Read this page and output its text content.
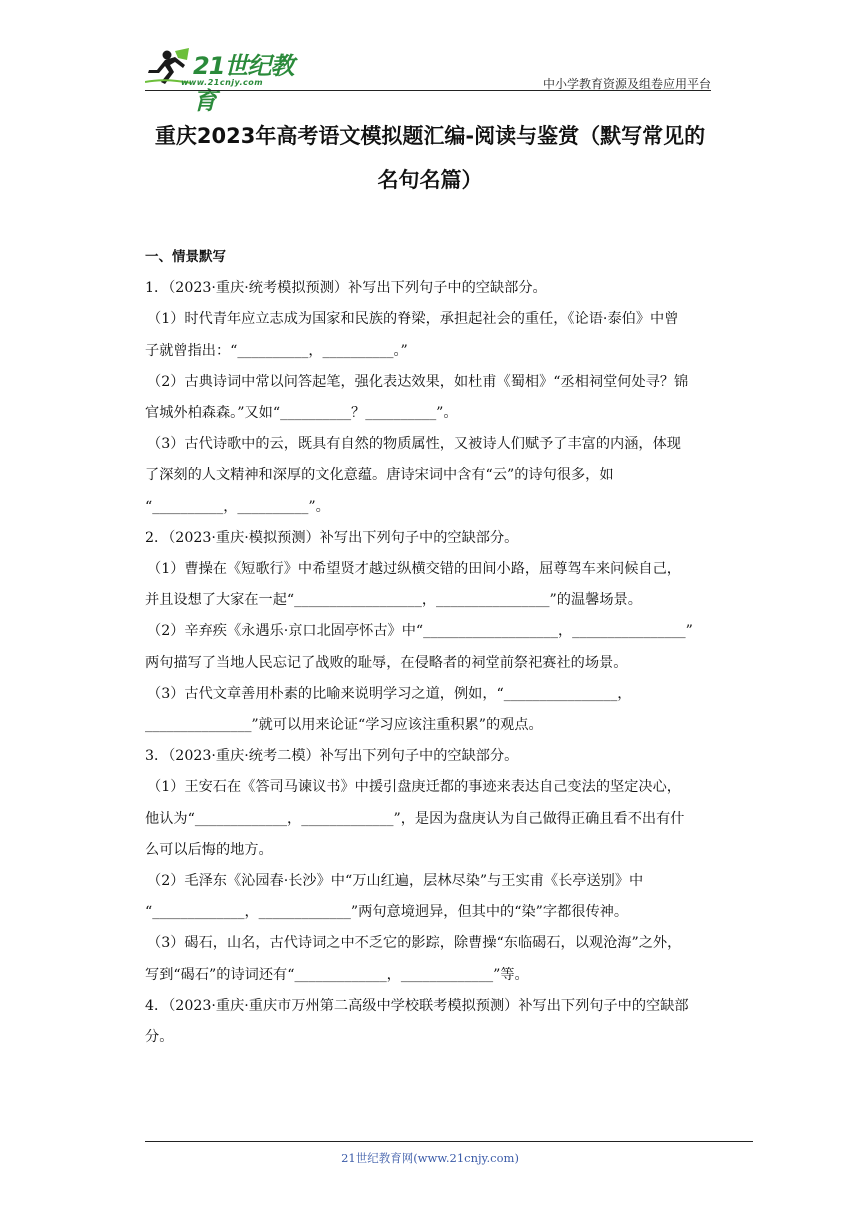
21世纪教育
www.21cnjy.com	中小学教育资源及组卷应用平台
重庆2023年高考语文模拟题汇编-阅读与鉴赏（默写常见的
名句名篇）

一、情景默写

1．（2023·重庆·统考模拟预测）补写出下列句子中的空缺部分。

（1）时代青年应立志成为国家和民族的脊梁，承担起社会的重任，《论语·泰伯》中曾

子就曾指出：“__________，__________。”

（2）古典诗词中常以问答起笔，强化表达效果，如杜甫《蜀相》“丞相祠堂何处寻？锦

官城外柏森森。”又如“__________？__________”。

（3）古代诗歌中的云，既具有自然的物质属性，又被诗人们赋予了丰富的内涵，体现

了深刻的人文精神和深厚的文化意蕴。唐诗宋词中含有“云”的诗句很多，如

“__________，__________”。

2．（2023·重庆·模拟预测）补写出下列句子中的空缺部分。

（1）曹操在《短歌行》中希望贤才越过纵横交错的田间小路，屈尊驾车来问候自己，

并且设想了大家在一起“__________________，________________”的温馨场景。

（2）辛弃疾《永遇乐·京口北固亭怀古》中“___________________，________________”

两句描写了当地人民忘记了战败的耻辱，在侵略者的祠堂前祭祀赛社的场景。

（3）古代文章善用朴素的比喻来说明学习之道，例如，“________________，

_______________”就可以用来论证“学习应该注重积累”的观点。

3．（2023·重庆·统考二模）补写出下列句子中的空缺部分。

（1）王安石在《答司马谏议书》中援引盘庚迁都的事迹来表达自己变法的坚定决心，

他认为“_____________，_____________”，是因为盘庚认为自己做得正确且看不出有什

么可以后悔的地方。

（2）毛泽东《沁园春·长沙》中“万山红遍，层林尽染”与王实甫《长亭送别》中

“_____________，_____________”两句意境迥异，但其中的“染”字都很传神。

（3）碣石，山名，古代诗词之中不乏它的影踪，除曹操“东临碣石，以观沧海”之外，

写到“碣石”的诗词还有“_____________，_____________”等。

4．（2023·重庆·重庆市万州第二高级中学校联考模拟预测）补写出下列句子中的空缺部

分。

21世纪教育网(www.21cnjy.com)
